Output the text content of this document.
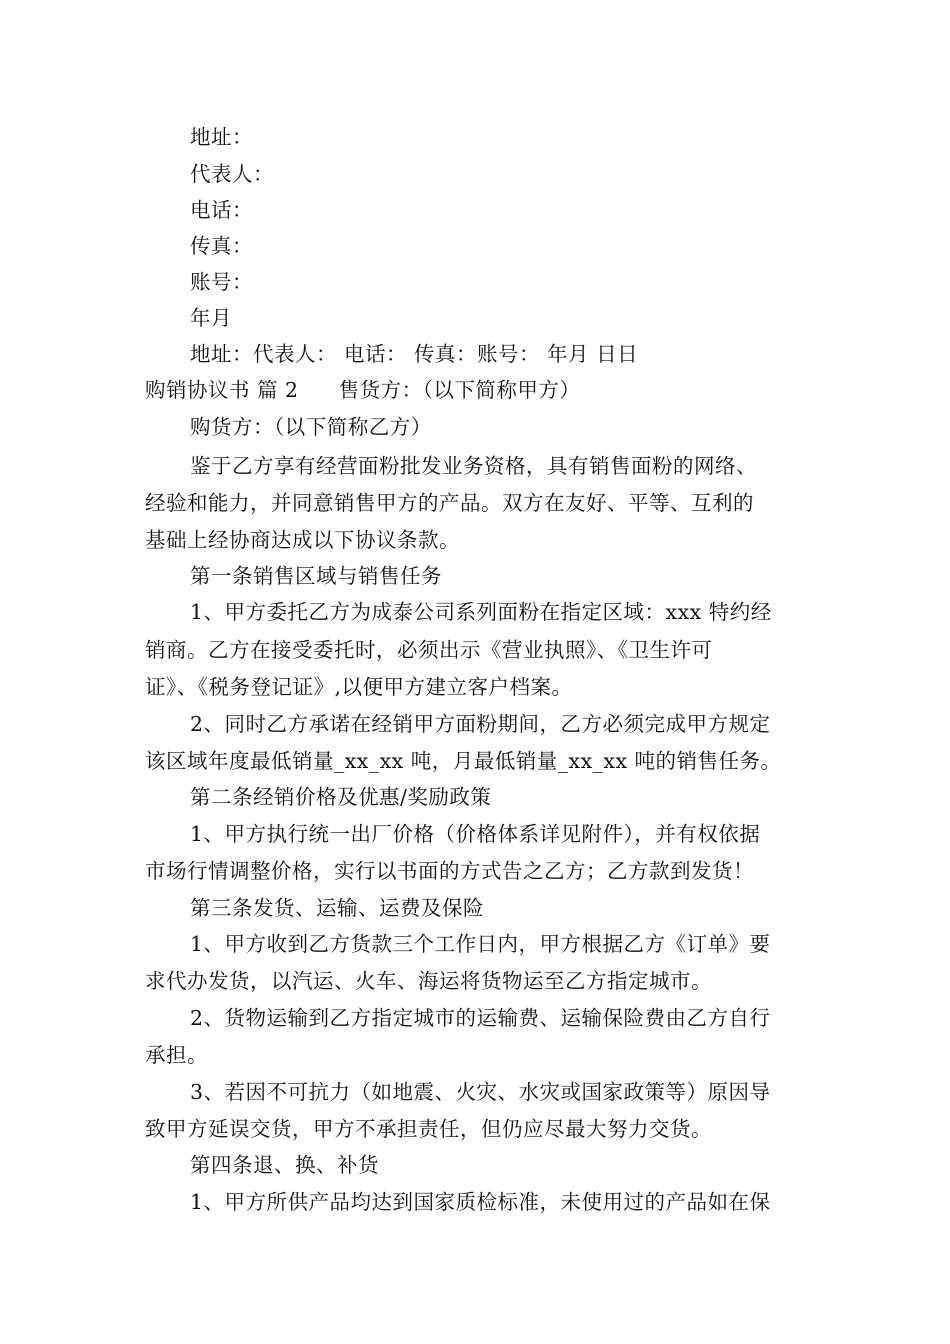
地址：
代表人：
电话：
传真：
账号：
年月
地址：代表人： 电话： 传真：账号： 年月 日日
购销协议书 篇 2 售货方：（以下简称甲方）
购货方：（以下简称乙方）
鉴于乙方享有经营面粉批发业务资格，具有销售面粉的网络、
经验和能力，并同意销售甲方的产品。双方在友好、平等、互利的
基础上经协商达成以下协议条款。
第一条销售区域与销售任务
1、甲方委托乙方为成泰公司系列面粉在指定区域：xxx 特约经
销商。乙方在接受委托时，必须出示《营业执照》、《卫生许可
证》、《税务登记证》,以便甲方建立客户档案。
2、同时乙方承诺在经销甲方面粉期间，乙方必须完成甲方规定
该区域年度最低销量_xx_xx 吨，月最低销量_xx_xx 吨的销售任务。
第二条经销价格及优惠/奖励政策
1、甲方执行统一出厂价格（价格体系详见附件），并有权依据
市场行情调整价格，实行以书面的方式告之乙方；乙方款到发货！
第三条发货、运输、运费及保险
1、甲方收到乙方货款三个工作日内，甲方根据乙方《订单》要
求代办发货，以汽运、火车、海运将货物运至乙方指定城市。
2、货物运输到乙方指定城市的运输费、运输保险费由乙方自行
承担。
3、若因不可抗力（如地震、火灾、水灾或国家政策等）原因导
致甲方延误交货，甲方不承担责任，但仍应尽最大努力交货。
第四条退、换、补货
1、甲方所供产品均达到国家质检标准，未使用过的产品如在保
